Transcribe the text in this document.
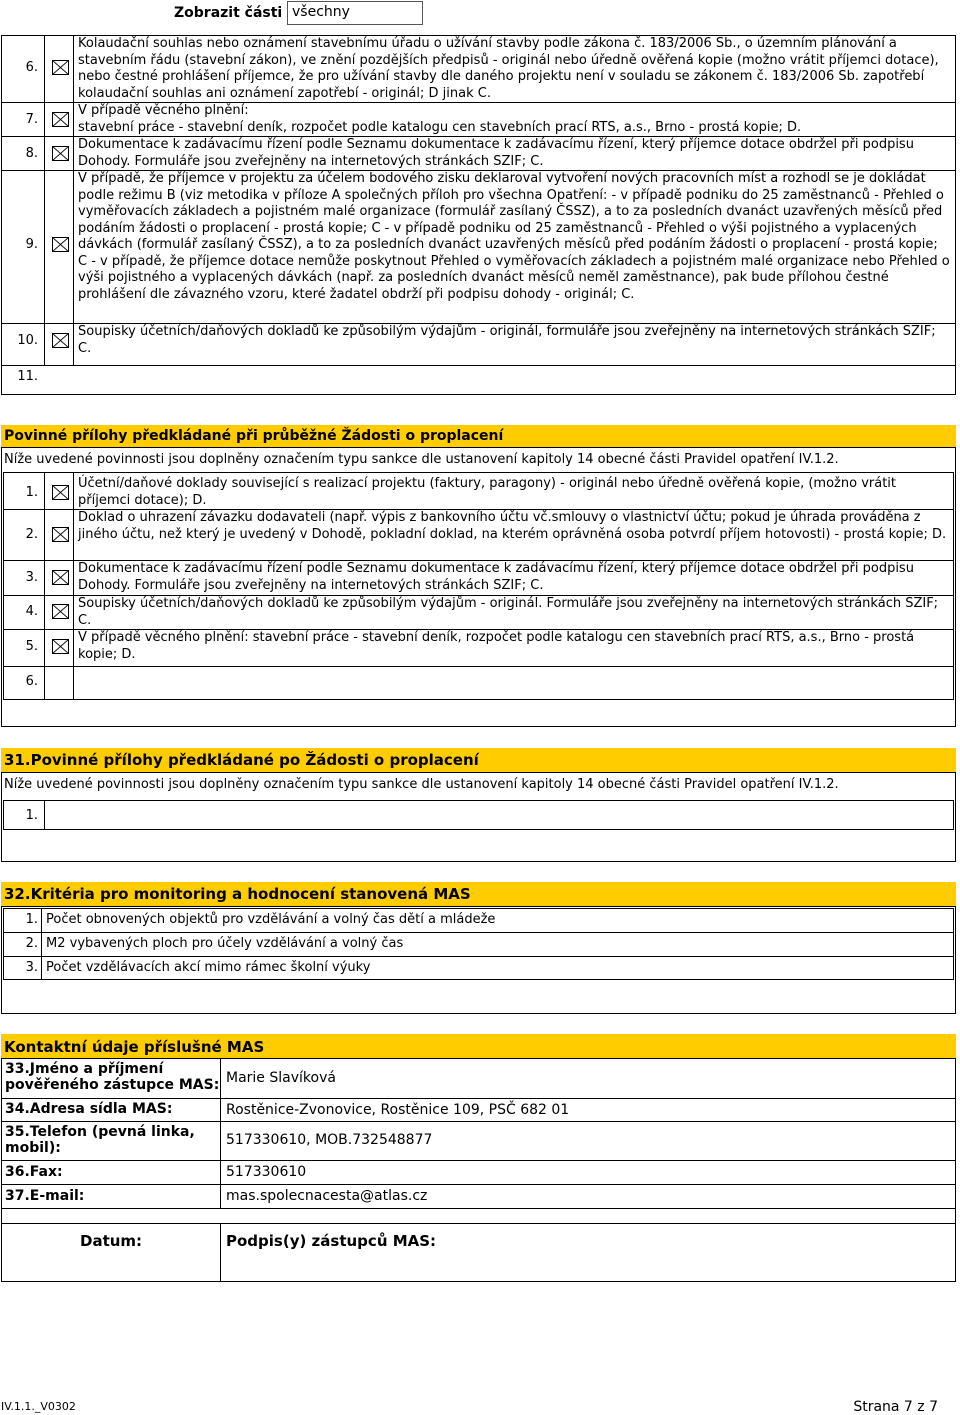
Zobrazit části všechny
6.
Kolaudační souhlas nebo oznámení stavebnímu úřadu o užívání stavby podle zákona č. 183/2006 Sb., o územním plánování a stavebním řádu (stavební zákon), ve znění pozdějších předpisů - originál nebo úředně ověřená kopie (možno vrátit příjemci dotace), nebo čestné prohlášení příjemce, že pro užívání stavby dle daného projektu není v souladu se zákonem č. 183/2006 Sb. zapotřebí kolaudační souhlas ani oznámení zapotřebí - originál; D jinak C.
7.
V případě věcného plnění:
stavební práce - stavební deník, rozpočet podle katalogu cen stavebních prací RTS, a.s., Brno - prostá kopie; D.
8.
Dokumentace k zadávacímu řízení podle Seznamu dokumentace k zadávacímu řízení, který příjemce dotace obdržel při podpisu Dohody. Formuláře jsou zveřejněny na internetových stránkách SZIF; C.
9.
V případě, že příjemce v projektu za účelem bodového zisku deklaroval vytvoření nových pracovních míst a rozhodl se je dokládat podle režimu B (viz metodika v příloze A společných příloh pro všechna Opatření: - v případě podniku do 25 zaměstnanců - Přehled o vyměřovacích základech a pojistném malé organizace (formulář zasílaný ČSSZ), a to za posledních dvanáct uzavřených měsíců před podáním žádosti o proplacení - prostá kopie; C - v případě podniku od 25 zaměstnanců - Přehled o výši pojistného a vyplacených dávkách (formulář zasílaný ČSSZ), a to za posledních dvanáct uzavřených měsíců před podáním žádosti o proplacení - prostá kopie; C - v případě, že příjemce dotace nemůže poskytnout Přehled o vyměřovacích základech a pojistném malé organizace nebo Přehled o výši pojistného a vyplacených dávkách (např. za posledních dvanáct měsíců neměl zaměstnance), pak bude přílohou čestné prohlášení dle závazného vzoru, které žadatel obdrží při podpisu dohody - originál; C.
10.
Soupisky účetních/daňových dokladů ke způsobilým výdajům - originál, formuláře jsou zveřejněny na internetových stránkách SZIF; C.
11.
Povinné přílohy předkládané při průběžné Žádosti o proplacení
Níže uvedené povinnosti jsou doplněny označením typu sankce dle ustanovení kapitoly 14 obecné části Pravidel opatření IV.1.2.
1.
Účetní/daňové doklady související s realizací projektu (faktury, paragony) - originál nebo úředně ověřená kopie, (možno vrátit příjemci dotace); D.
2.
Doklad o uhrazení závazku dodavateli (např. výpis z bankovního účtu vč.smlouvy o vlastnictví účtu; pokud je úhrada prováděna z jiného účtu, než který je uvedený v Dohodě, pokladní doklad, na kterém oprávněná osoba potvrdí příjem hotovosti) - prostá kopie; D.
3.
Dokumentace k zadávacímu řízení podle Seznamu dokumentace k zadávacímu řízení, který příjemce dotace obdržel při podpisu Dohody. Formuláře jsou zveřejněny na internetových stránkách SZIF; C.
4.
Soupisky účetních/daňových dokladů ke způsobilým výdajům - originál. Formuláře jsou zveřejněny na internetových stránkách SZIF; C.
5.
V případě věcného plnění: stavební práce - stavební deník, rozpočet podle katalogu cen stavebních prací RTS, a.s., Brno - prostá kopie; D.
6.
31.Povinné přílohy předkládané po Žádosti o proplacení
Níže uvedené povinnosti jsou doplněny označením typu sankce dle ustanovení kapitoly 14 obecné části Pravidel opatření IV.1.2.
1.
32.Kritéria pro monitoring a hodnocení stanovená MAS
1. Počet obnovených objektů pro vzdělávání a volný čas dětí a mládeže
2. M2 vybavených ploch pro účely vzdělávání a volný čas
3. Počet vzdělávacích akcí mimo rámec školní výuky
Kontaktní údaje příslušné MAS
33.Jméno a příjmení pověřeného zástupce MAS: Marie Slavíková
34.Adresa sídla MAS:	Rostěnice-Zvonovice, Rostěnice 109, PSČ 682 01
35.Telefon (pevná linka, mobil):	517330610, MOB.732548877
36.Fax:	517330610
37.E-mail:	mas.spolecnacesta@atlas.cz
Datum:	Podpis(y) zástupců MAS:
IV.1.1._V0302	Strana 7 z 7
